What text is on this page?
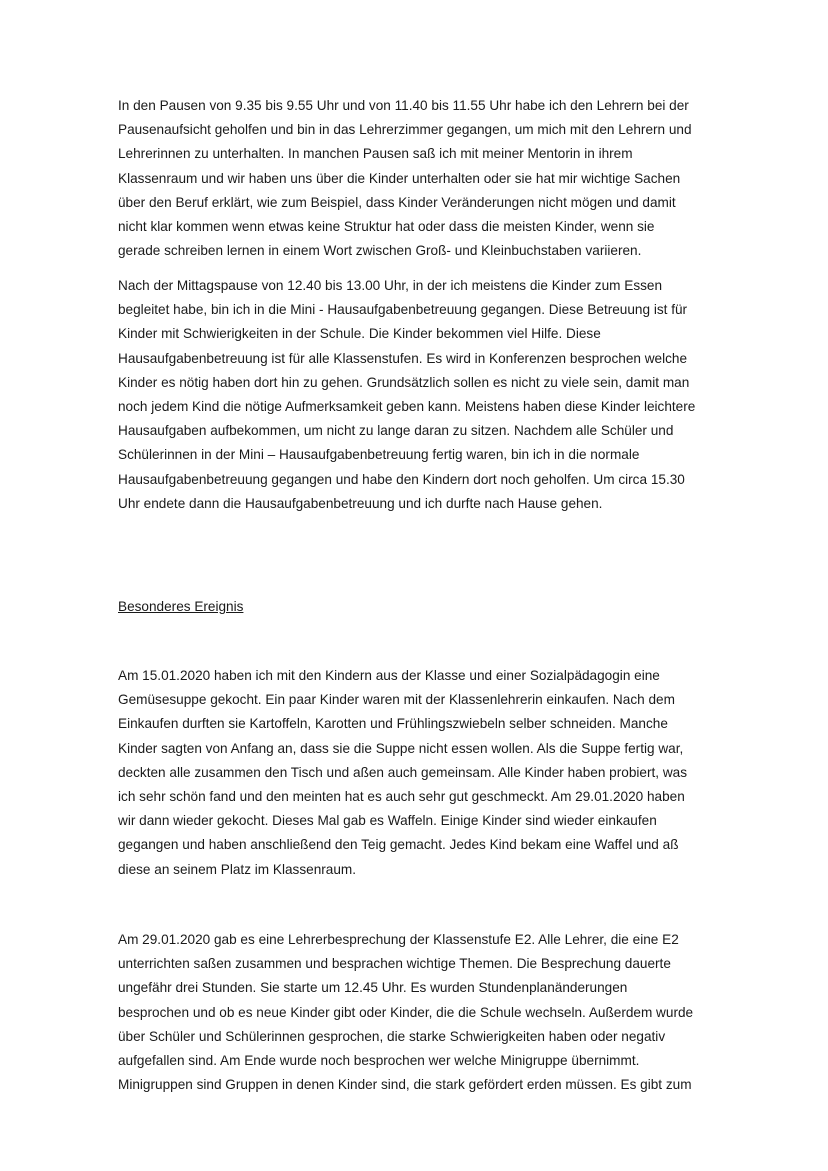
In den Pausen von 9.35 bis 9.55 Uhr und von 11.40 bis 11.55 Uhr habe ich den Lehrern bei der
Pausenaufsicht geholfen und bin in das Lehrerzimmer gegangen, um mich mit den Lehrern und
Lehrerinnen zu unterhalten. In manchen Pausen saß ich mit meiner Mentorin in ihrem
Klassenraum und wir haben uns über die Kinder unterhalten oder sie hat mir wichtige Sachen
über den Beruf erklärt, wie zum Beispiel, dass Kinder Veränderungen nicht mögen und damit
nicht klar kommen wenn etwas keine Struktur hat oder dass die meisten Kinder, wenn sie
gerade schreiben lernen in einem Wort zwischen Groß- und Kleinbuchstaben variieren.
Nach der Mittagspause von 12.40 bis 13.00 Uhr, in der ich meistens die Kinder zum Essen
begleitet habe, bin ich in die Mini - Hausaufgabenbetreuung gegangen. Diese Betreuung ist für
Kinder mit Schwierigkeiten in der Schule. Die Kinder bekommen viel Hilfe. Diese
Hausaufgabenbetreuung ist für alle Klassenstufen. Es wird in Konferenzen besprochen welche
Kinder es nötig haben dort hin zu gehen. Grundsätzlich sollen es nicht zu viele sein, damit man
noch jedem Kind die nötige Aufmerksamkeit geben kann. Meistens haben diese Kinder leichtere
Hausaufgaben aufbekommen, um nicht zu lange daran zu sitzen. Nachdem alle Schüler und
Schülerinnen in der Mini – Hausaufgabenbetreuung fertig waren, bin ich in die normale
Hausaufgabenbetreuung gegangen und habe den Kindern dort noch geholfen. Um circa 15.30
Uhr endete dann die Hausaufgabenbetreuung und ich durfte nach Hause gehen.
Besonderes Ereignis
Am 15.01.2020 haben ich mit den Kindern aus der Klasse und einer Sozialpädagogin eine
Gemüsesuppe gekocht. Ein paar Kinder waren mit der Klassenlehrerin einkaufen. Nach dem
Einkaufen durften sie Kartoffeln, Karotten und Frühlingszwiebeln selber schneiden. Manche
Kinder sagten von Anfang an, dass sie die Suppe nicht essen wollen. Als die Suppe fertig war,
deckten alle zusammen den Tisch und aßen auch gemeinsam. Alle Kinder haben probiert, was
ich sehr schön fand und den meinten hat es auch sehr gut geschmeckt. Am 29.01.2020 haben
wir dann wieder gekocht. Dieses Mal gab es Waffeln. Einige Kinder sind wieder einkaufen
gegangen und haben anschließend den Teig gemacht. Jedes Kind bekam eine Waffel und aß
diese an seinem Platz im Klassenraum.
Am 29.01.2020 gab es eine Lehrerbesprechung der Klassenstufe E2. Alle Lehrer, die eine E2
unterrichten saßen zusammen und besprachen wichtige Themen. Die Besprechung dauerte
ungefähr drei Stunden. Sie starte um 12.45 Uhr. Es wurden Stundenplanänderungen
besprochen und ob es neue Kinder gibt oder Kinder, die die Schule wechseln. Außerdem wurde
über Schüler und Schülerinnen gesprochen, die starke Schwierigkeiten haben oder negativ
aufgefallen sind. Am Ende wurde noch besprochen wer welche Minigruppe übernimmt.
Minigruppen sind Gruppen in denen Kinder sind, die stark gefördert erden müssen. Es gibt zum
